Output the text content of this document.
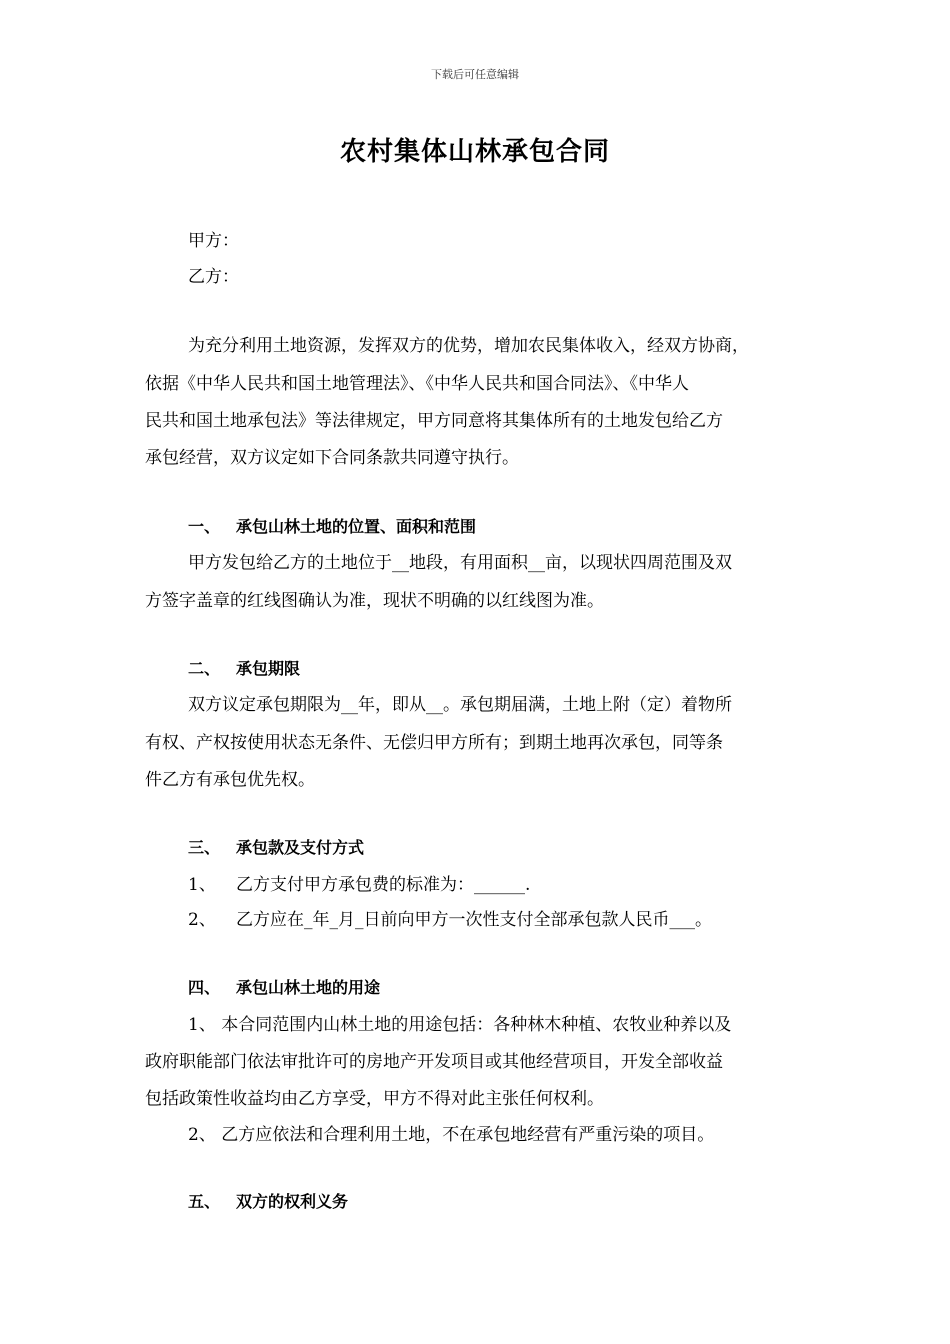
下载后可任意编辑
农村集体山林承包合同
甲方：
乙方：
为充分利用土地资源，发挥双方的优势，增加农民集体收入，经双方协商，
依据《中华人民共和国土地管理法》、《中华人民共和国合同法》、《中华人
民共和国土地承包法》等法律规定，甲方同意将其集体所有的土地发包给乙方
承包经营，双方议定如下合同条款共同遵守执行。
一、 承包山林土地的位置、面积和范围
甲方发包给乙方的土地位于__地段，有用面积__亩，以现状四周范围及双
方签字盖章的红线图确认为准，现状不明确的以红线图为准。
二、 承包期限
双方议定承包期限为__年，即从__。承包期届满，土地上附（定）着物所
有权、产权按使用状态无条件、无偿归甲方所有；到期土地再次承包，同等条
件乙方有承包优先权。
三、 承包款及支付方式
1、 乙方支付甲方承包费的标准为：______.
2、 乙方应在_年_月_日前向甲方一次性支付全部承包款人民币___。
四、 承包山林土地的用途
1、 本合同范围内山林土地的用途包括：各种林木种植、农牧业种养以及
政府职能部门依法审批许可的房地产开发项目或其他经营项目，开发全部收益
包括政策性收益均由乙方享受，甲方不得对此主张任何权利。
2、 乙方应依法和合理利用土地，不在承包地经营有严重污染的项目。
五、 双方的权利义务
